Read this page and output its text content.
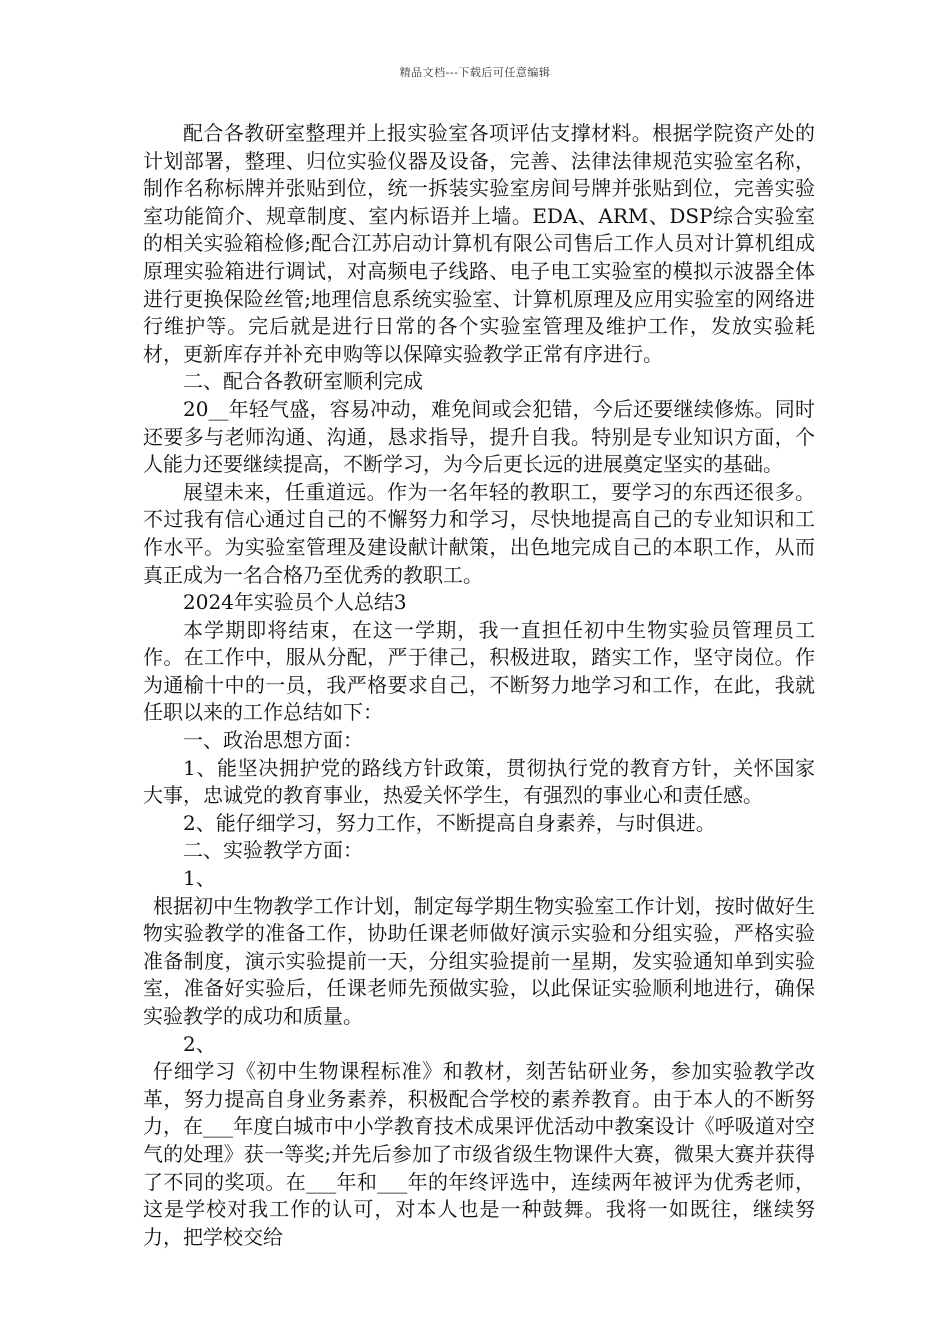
精品文档---下载后可任意编辑

配合各教研室整理并上报实验室各项评估支撑材料。根据学院资产处的计划部署，整理、归位实验仪器及设备，完善、法律法律规范实验室名称，制作名称标牌并张贴到位，统一拆装实验室房间号牌并张贴到位，完善实验室功能简介、规章制度、室内标语并上墙。EDA、ARM、DSP综合实验室的相关实验箱检修;配合江苏启动计算机有限公司售后工作人员对计算机组成原理实验箱进行调试，对高频电子线路、电子电工实验室的模拟示波器全体进行更换保险丝管;地理信息系统实验室、计算机原理及应用实验室的网络进行维护等。完后就是进行日常的各个实验室管理及维护工作，发放实验耗材，更新库存并补充申购等以保障实验教学正常有序进行。

二、配合各教研室顺利完成

20__年轻气盛，容易冲动，难免间或会犯错，今后还要继续修炼。同时还要多与老师沟通、沟通，恳求指导，提升自我。特别是专业知识方面，个人能力还要继续提高，不断学习，为今后更长远的进展奠定坚实的基础。

展望未来，任重道远。作为一名年轻的教职工，要学习的东西还很多。不过我有信心通过自己的不懈努力和学习，尽快地提高自己的专业知识和工作水平。为实验室管理及建设献计献策，出色地完成自己的本职工作，从而真正成为一名合格乃至优秀的教职工。

2024年实验员个人总结3

本学期即将结束，在这一学期，我一直担任初中生物实验员管理员工作。在工作中，服从分配，严于律己，积极进取，踏实工作，坚守岗位。作为通榆十中的一员，我严格要求自己，不断努力地学习和工作，在此，我就任职以来的工作总结如下：

一、政治思想方面：

1、能坚决拥护党的路线方针政策，贯彻执行党的教育方针，关怀国家大事，忠诚党的教育事业，热爱关怀学生，有强烈的事业心和责任感。

2、能仔细学习，努力工作，不断提高自身素养，与时俱进。

二、实验教学方面：

1、

根据初中生物教学工作计划，制定每学期生物实验室工作计划，按时做好生物实验教学的准备工作，协助任课老师做好演示实验和分组实验，严格实验准备制度，演示实验提前一天，分组实验提前一星期，发实验通知单到实验室，准备好实验后，任课老师先预做实验，以此保证实验顺利地进行，确保实验教学的成功和质量。

2、

仔细学习《初中生物课程标准》和教材，刻苦钻研业务，参加实验教学改革，努力提高自身业务素养，积极配合学校的素养教育。由于本人的不断努力，在___年度白城市中小学教育技术成果评优活动中教案设计《呼吸道对空气的处理》获一等奖;并先后参加了市级省级生物课件大赛，微果大赛并获得了不同的奖项。在___年和___年的年终评选中，连续两年被评为优秀老师，这是学校对我工作的认可，对本人也是一种鼓舞。我将一如既往，继续努力，把学校交给
